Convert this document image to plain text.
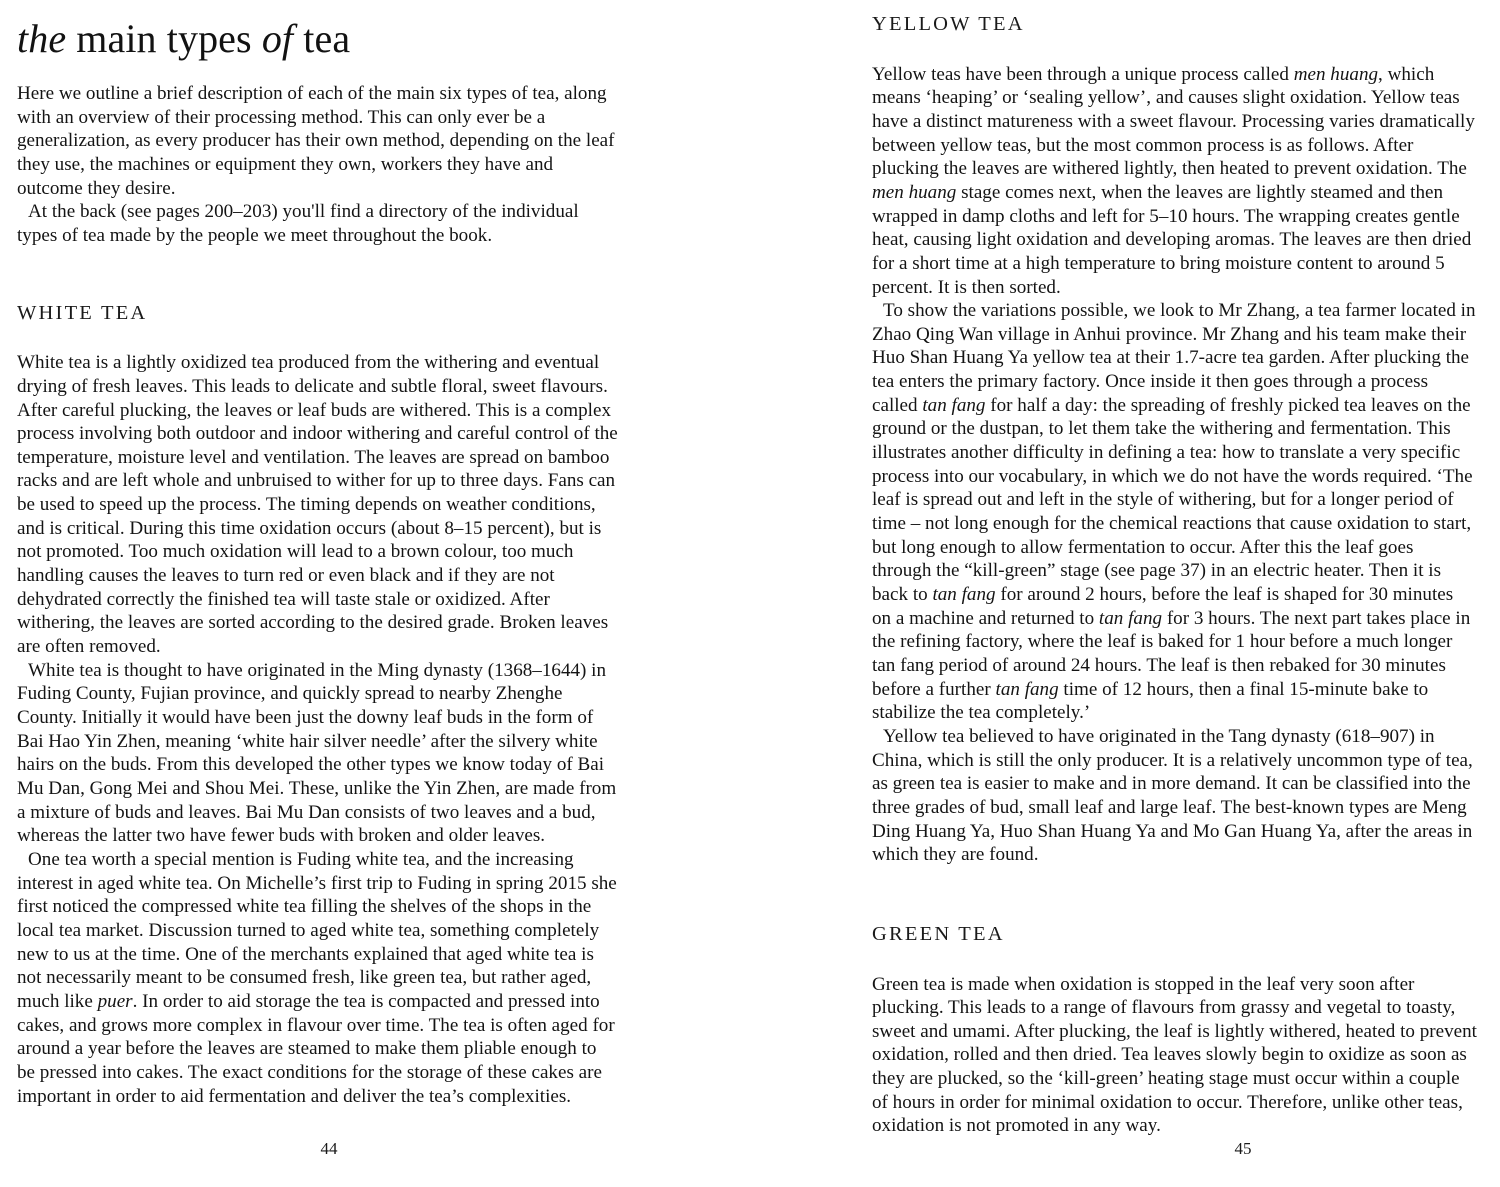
the main types of tea

Here we outline a brief description of each of the main six types of tea, along with an overview of their processing method. This can only ever be a generalization, as every producer has their own method, depending on the leaf they use, the machines or equipment they own, workers they have and outcome they desire.

At the back (see pages 200–203) you'll find a directory of the individual types of tea made by the people we meet throughout the book.

WHITE TEA

White tea is a lightly oxidized tea produced from the withering and eventual drying of fresh leaves. This leads to delicate and subtle floral, sweet flavours. After careful plucking, the leaves or leaf buds are withered. This is a complex process involving both outdoor and indoor withering and careful control of the temperature, moisture level and ventilation. The leaves are spread on bamboo racks and are left whole and unbruised to wither for up to three days. Fans can be used to speed up the process. The timing depends on weather conditions, and is critical. During this time oxidation occurs (about 8–15 percent), but is not promoted. Too much oxidation will lead to a brown colour, too much handling causes the leaves to turn red or even black and if they are not dehydrated correctly the finished tea will taste stale or oxidized. After withering, the leaves are sorted according to the desired grade. Broken leaves are often removed.

White tea is thought to have originated in the Ming dynasty (1368–1644) in Fuding County, Fujian province, and quickly spread to nearby Zhenghe County. Initially it would have been just the downy leaf buds in the form of Bai Hao Yin Zhen, meaning ‘white hair silver needle’ after the silvery white hairs on the buds. From this developed the other types we know today of Bai Mu Dan, Gong Mei and Shou Mei. These, unlike the Yin Zhen, are made from a mixture of buds and leaves. Bai Mu Dan consists of two leaves and a bud, whereas the latter two have fewer buds with broken and older leaves.

One tea worth a special mention is Fuding white tea, and the increasing interest in aged white tea. On Michelle’s first trip to Fuding in spring 2015 she first noticed the compressed white tea filling the shelves of the shops in the local tea market. Discussion turned to aged white tea, something completely new to us at the time. One of the merchants explained that aged white tea is not necessarily meant to be consumed fresh, like green tea, but rather aged, much like puer. In order to aid storage the tea is compacted and pressed into cakes, and grows more complex in flavour over time. The tea is often aged for around a year before the leaves are steamed to make them pliable enough to be pressed into cakes. The exact conditions for the storage of these cakes are important in order to aid fermentation and deliver the tea’s complexities.

44
YELLOW TEA

Yellow teas have been through a unique process called men huang, which means ‘heaping’ or ‘sealing yellow’, and causes slight oxidation. Yellow teas have a distinct matureness with a sweet flavour. Processing varies dramatically between yellow teas, but the most common process is as follows. After plucking the leaves are withered lightly, then heated to prevent oxidation. The men huang stage comes next, when the leaves are lightly steamed and then wrapped in damp cloths and left for 5–10 hours. The wrapping creates gentle heat, causing light oxidation and developing aromas. The leaves are then dried for a short time at a high temperature to bring moisture content to around 5 percent. It is then sorted.

To show the variations possible, we look to Mr Zhang, a tea farmer located in Zhao Qing Wan village in Anhui province. Mr Zhang and his team make their Huo Shan Huang Ya yellow tea at their 1.7-acre tea garden. After plucking the tea enters the primary factory. Once inside it then goes through a process called tan fang for half a day: the spreading of freshly picked tea leaves on the ground or the dustpan, to let them take the withering and fermentation. This illustrates another difficulty in defining a tea: how to translate a very specific process into our vocabulary, in which we do not have the words required. ‘The leaf is spread out and left in the style of withering, but for a longer period of time – not long enough for the chemical reactions that cause oxidation to start, but long enough to allow fermentation to occur. After this the leaf goes through the “kill-green” stage (see page 37) in an electric heater. Then it is back to tan fang for around 2 hours, before the leaf is shaped for 30 minutes on a machine and returned to tan fang for 3 hours. The next part takes place in the refining factory, where the leaf is baked for 1 hour before a much longer tan fang period of around 24 hours. The leaf is then rebaked for 30 minutes before a further tan fang time of 12 hours, then a final 15-minute bake to stabilize the tea completely.’

Yellow tea believed to have originated in the Tang dynasty (618–907) in China, which is still the only producer. It is a relatively uncommon type of tea, as green tea is easier to make and in more demand. It can be classified into the three grades of bud, small leaf and large leaf. The best-known types are Meng Ding Huang Ya, Huo Shan Huang Ya and Mo Gan Huang Ya, after the areas in which they are found.

GREEN TEA

Green tea is made when oxidation is stopped in the leaf very soon after plucking. This leads to a range of flavours from grassy and vegetal to toasty, sweet and umami. After plucking, the leaf is lightly withered, heated to prevent oxidation, rolled and then dried. Tea leaves slowly begin to oxidize as soon as they are plucked, so the ‘kill-green’ heating stage must occur within a couple of hours in order for minimal oxidation to occur. Therefore, unlike other teas, oxidation is not promoted in any way.

45
